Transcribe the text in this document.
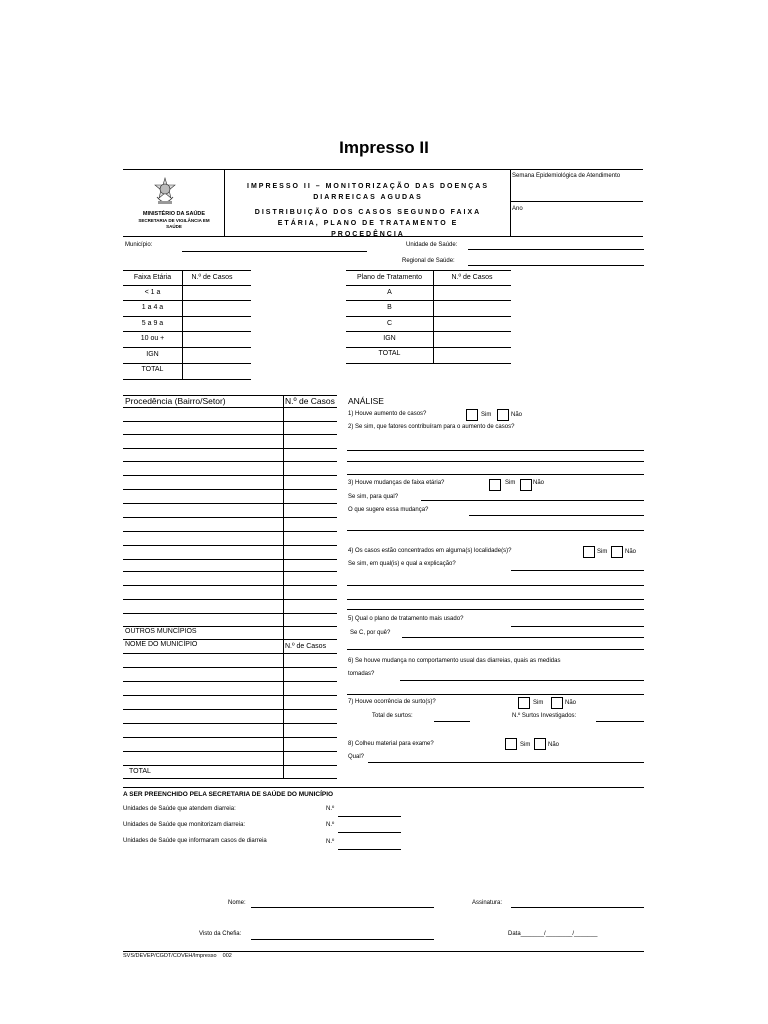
Impresso II
MINISTÉRIO DA SAÚDE
SECRETARIA DE VIGILÂNCIA EM SAÚDE
IMPRESSO II – MONITORIZAÇÃO DAS DOENÇAS DIARREICAS AGUDAS
DISTRIBUIÇÃO DOS CASOS SEGUNDO FAIXA ETÁRIA, PLANO DE TRATAMENTO E PROCEDÊNCIA
Semana Epidemiológica de Atendimento
Ano
Município:	Unidade de Saúde:
Regional de Saúde:
Faixa Etária	N.º de Casos
< 1 a
1 a 4 a
5 a 9 a
10 ou +
IGN
TOTAL
Plano de Tratamento	N.º de Casos
A
B
C
IGN
TOTAL
Procedência (Bairro/Setor)	N.º de Casos
OUTROS MUNCÍPIOS
NOME DO MUNICÍPIO	N.º de Casos
TOTAL
ANÁLISE
1) Houve aumento de casos?	Sim	Não
2) Se sim, que fatores contribuíram para o aumento de casos?
3) Houve mudanças de faixa etária?	Sim	Não
Se sim, para qual?
O que sugere essa mudança?
4) Os casos estão concentrados em alguma(s) localidade(s)?	Sim	Não
Se sim, em qual(is) e qual a explicação?
5) Qual o plano de tratamento mais usado?
Se C, por quê?
6) Se houve mudança no comportamento usual das diarreias, quais as medidas
tomadas?
7) Houve ocorrência de surto(s)?	Sim	Não
Total de surtos:	N.º Surtos Investigados:
8) Colheu material para exame?	Sim	Não
Qual?
A SER PREENCHIDO PELA SECRETARIA DE SAÚDE DO MUNICÍPIO
Unidades de Saúde que atendem diarreia:	N.º
Unidades de Saúde que monitorizam diarreia:	N.º
Unidades de Saúde que informaram casos de diarreia	N.º
Nome:	Assinatura:
Visto da Chefia:	Data_______/________/_______
SVS/DEVEP/CGDT/COVEH/Impresso    002
